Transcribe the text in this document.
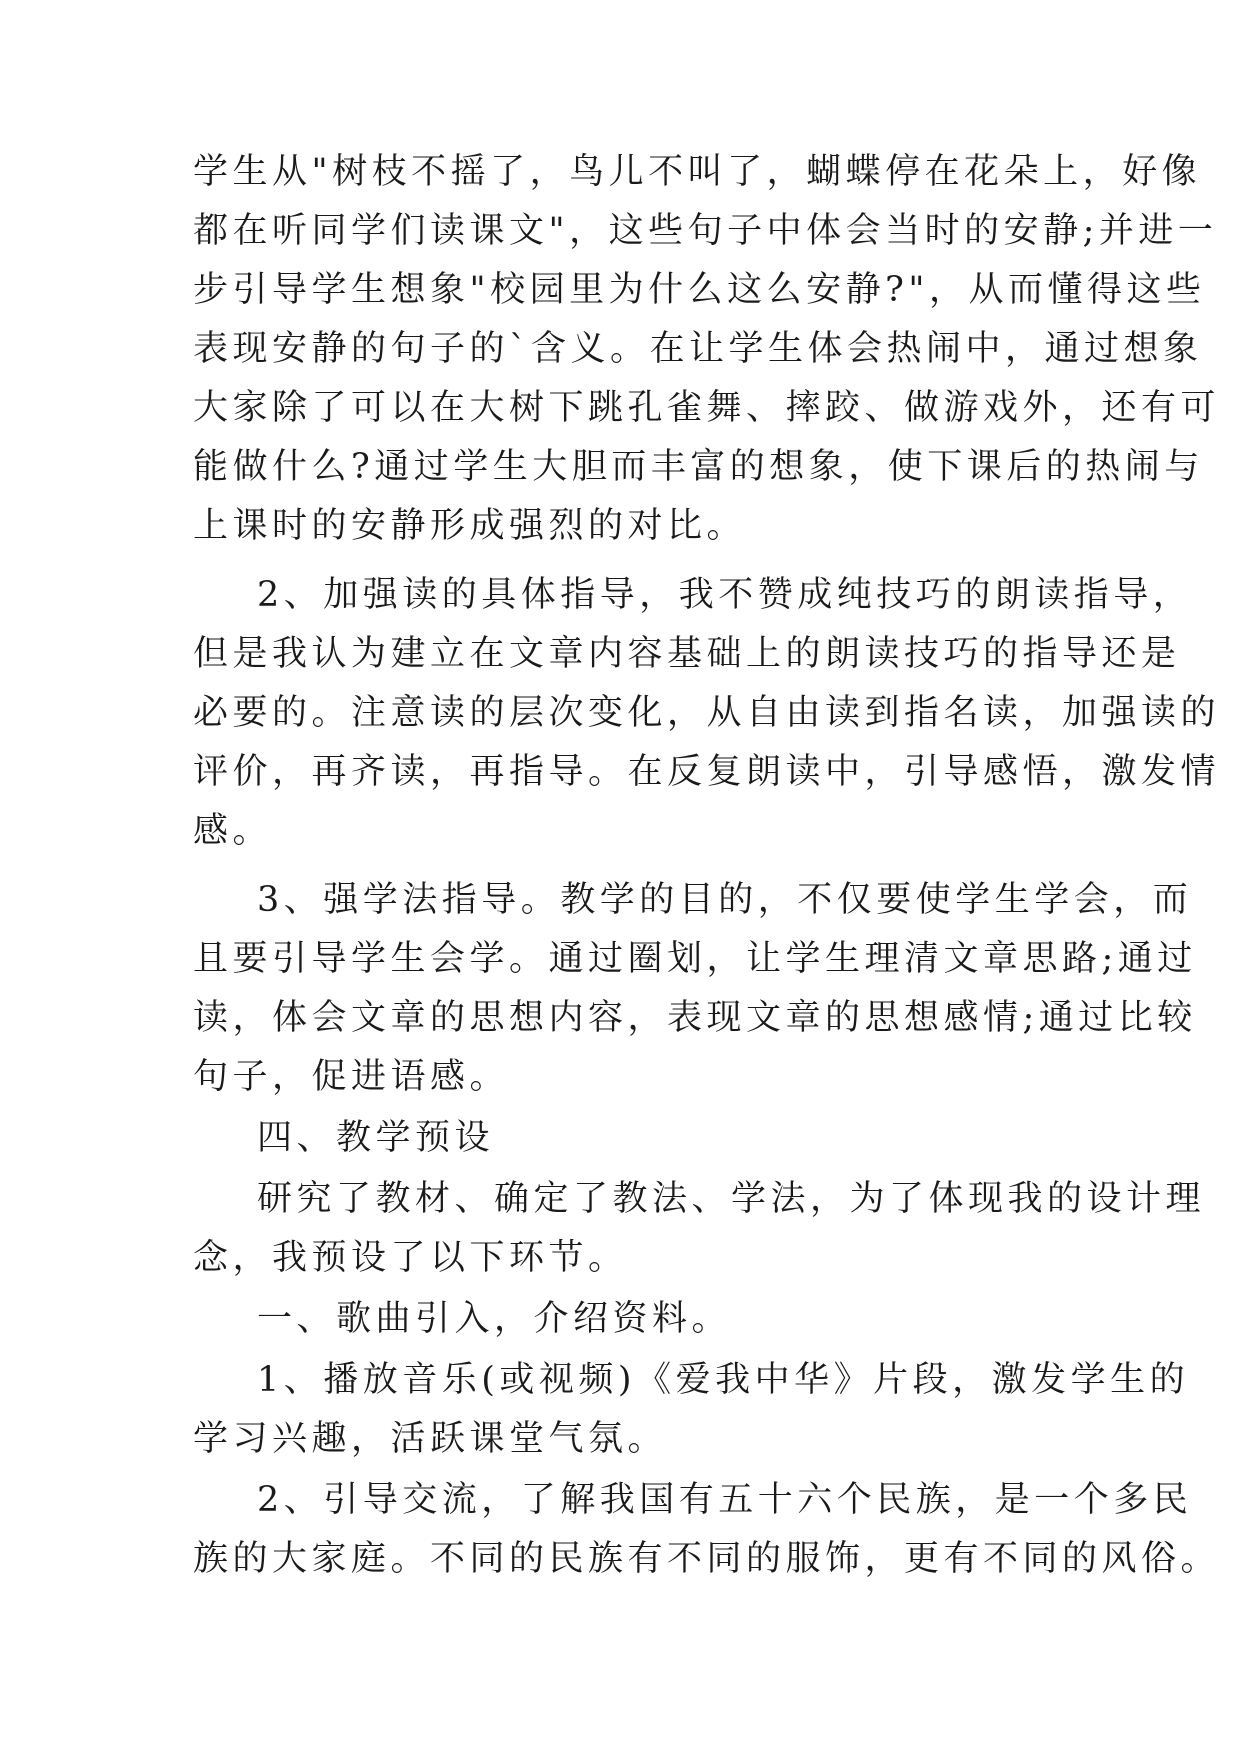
学生从"树枝不摇了，鸟儿不叫了，蝴蝶停在花朵上，好像
都在听同学们读课文"，这些句子中体会当时的安静;并进一
步引导学生想象"校园里为什么这么安静?"，从而懂得这些
表现安静的句子的`含义。在让学生体会热闹中，通过想象
大家除了可以在大树下跳孔雀舞、摔跤、做游戏外，还有可
能做什么?通过学生大胆而丰富的想象，使下课后的热闹与
上课时的安静形成强烈的对比。
2、加强读的具体指导，我不赞成纯技巧的朗读指导，
但是我认为建立在文章内容基础上的朗读技巧的指导还是
必要的。注意读的层次变化，从自由读到指名读，加强读的
评价，再齐读，再指导。在反复朗读中，引导感悟，激发情
感。
3、强学法指导。教学的目的，不仅要使学生学会，而
且要引导学生会学。通过圈划，让学生理清文章思路;通过
读，体会文章的思想内容，表现文章的思想感情;通过比较
句子，促进语感。
四、教学预设
研究了教材、确定了教法、学法，为了体现我的设计理
念，我预设了以下环节。
一、歌曲引入，介绍资料。
1、播放音乐(或视频)《爱我中华》片段，激发学生的
学习兴趣，活跃课堂气氛。
2、引导交流，了解我国有五十六个民族，是一个多民
族的大家庭。不同的民族有不同的服饰，更有不同的风俗。
